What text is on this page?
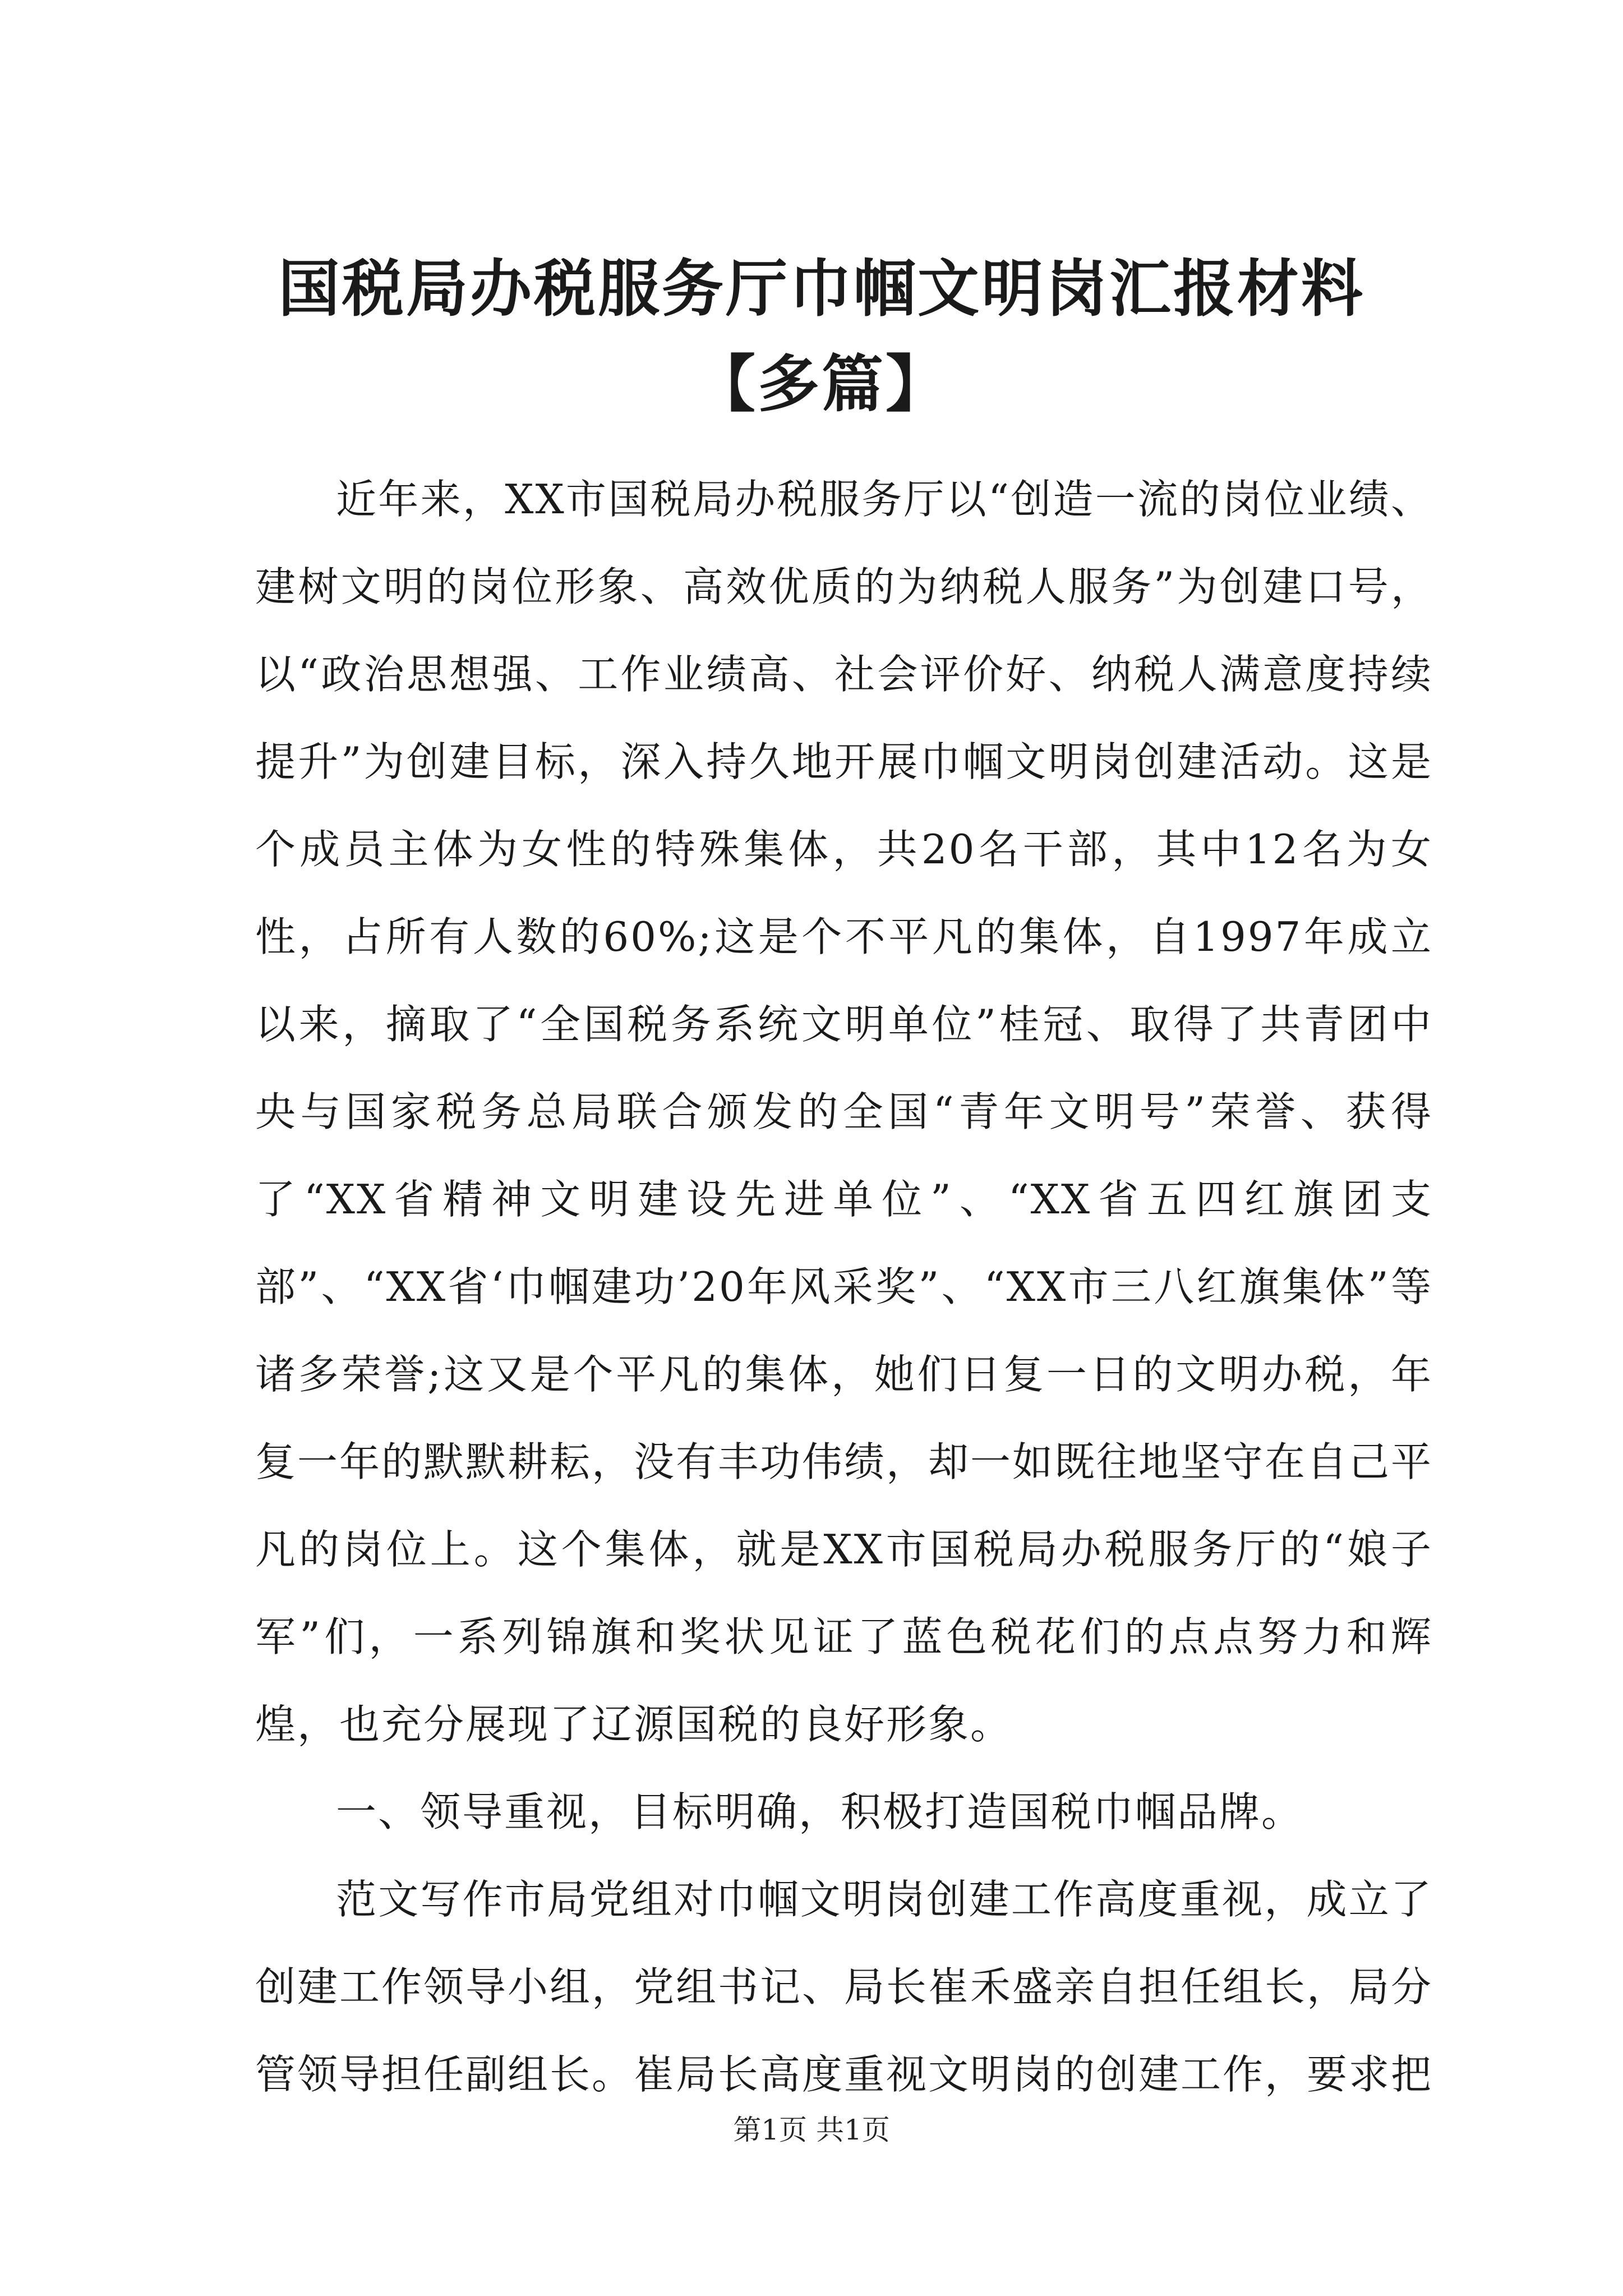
国税局办税服务厅巾帼文明岗汇报材料【多篇】

近年来，XX市国税局办税服务厅以“创造一流的岗位业绩、建树文明的岗位形象、高效优质的为纳税人服务”为创建口号，以“政治思想强、工作业绩高、社会评价好、纳税人满意度持续提升”为创建目标，深入持久地开展巾帼文明岗创建活动。这是个成员主体为女性的特殊集体，共20名干部，其中12名为女性，占所有人数的60%;这是个不平凡的集体，自1997年成立以来，摘取了“全国税务系统文明单位”桂冠、取得了共青团中央与国家税务总局联合颁发的全国“青年文明号”荣誉、获得了“XX省精神文明建设先进单位”、“XX省五四红旗团支部”、“XX省‘巾帼建功’20年风采奖”、“XX市三八红旗集体”等诸多荣誉;这又是个平凡的集体，她们日复一日的文明办税，年复一年的默默耕耘，没有丰功伟绩，却一如既往地坚守在自己平凡的岗位上。这个集体，就是XX市国税局办税服务厅的“娘子军”们，一系列锦旗和奖状见证了蓝色税花们的点点努力和辉煌，也充分展现了辽源国税的良好形象。

一、领导重视，目标明确，积极打造国税巾帼品牌。

范文写作市局党组对巾帼文明岗创建工作高度重视，成立了创建工作领导小组，党组书记、局长崔禾盛亲自担任组长，局分管领导担任副组长。崔局长高度重视文明岗的创建工作，要求把

第1页 共1页
